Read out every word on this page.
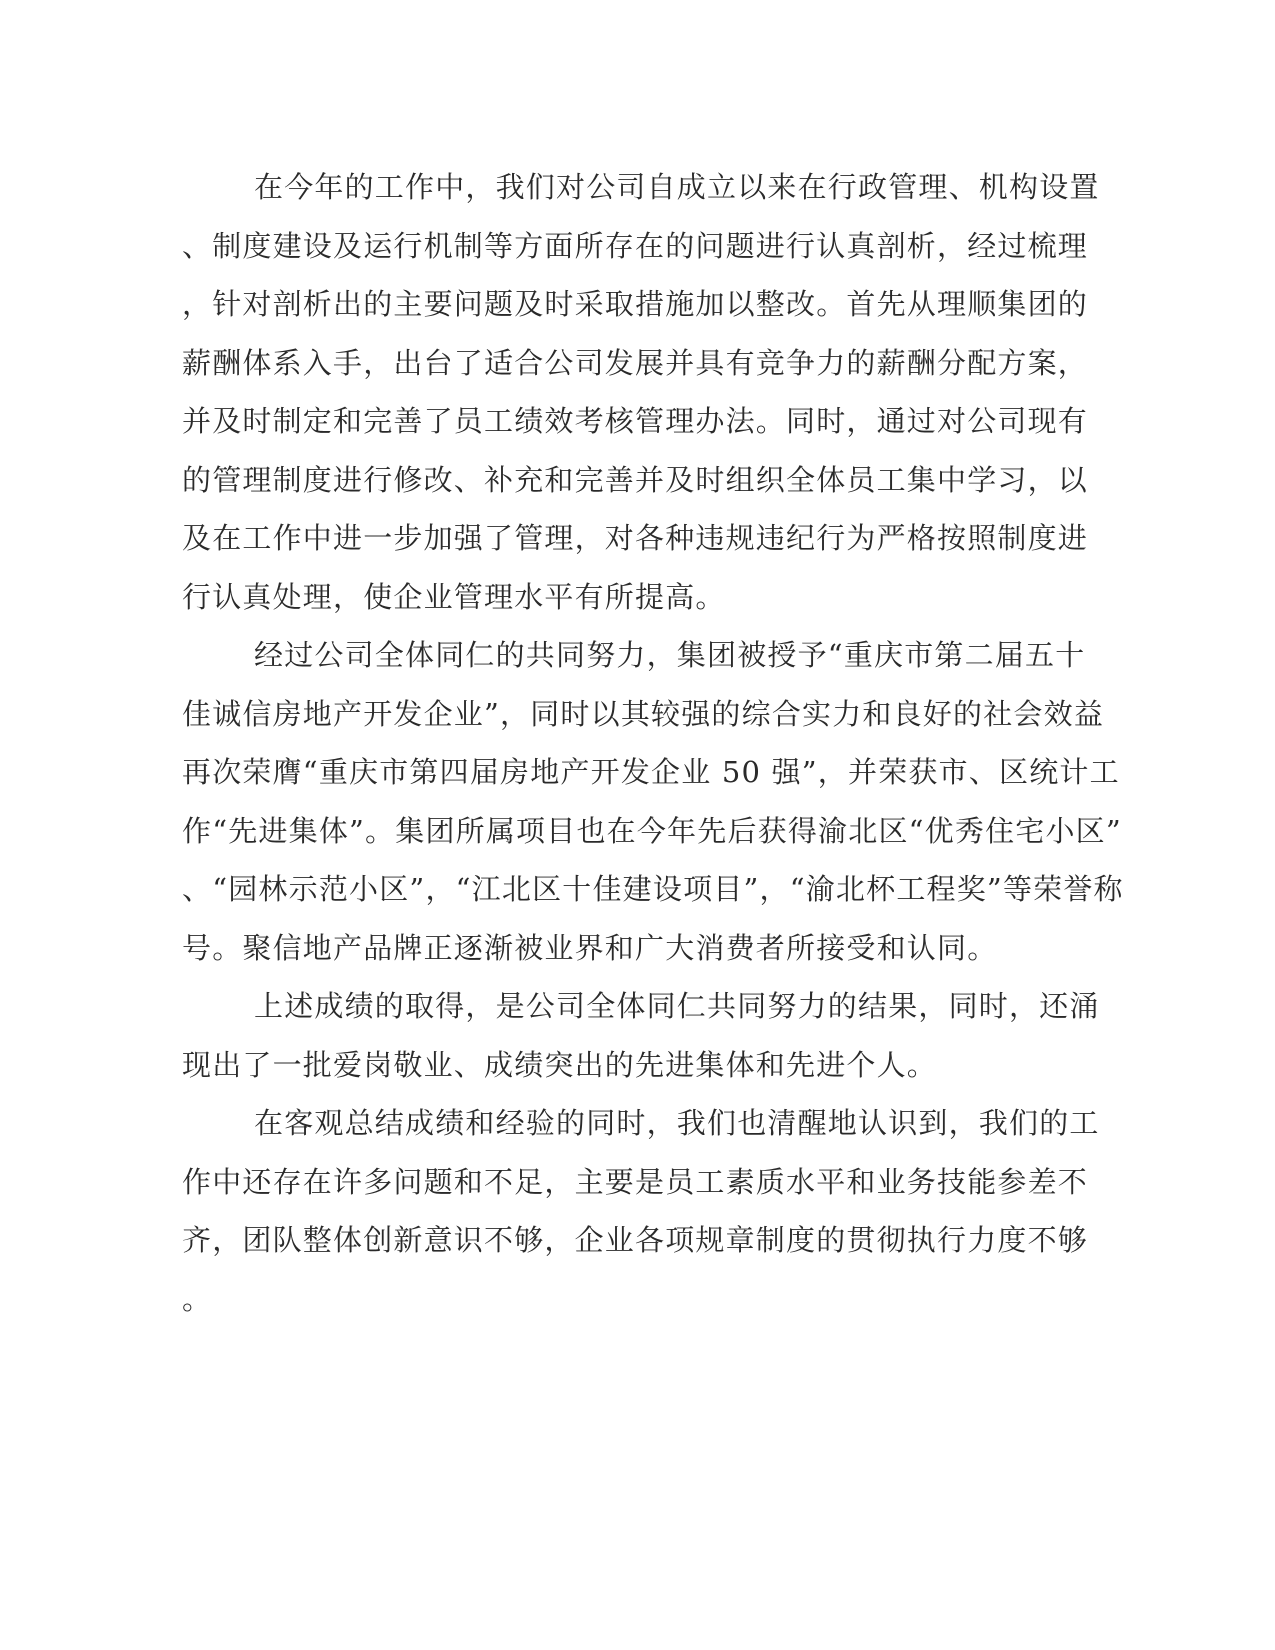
在今年的工作中，我们对公司自成立以来在行政管理、机构设置
、制度建设及运行机制等方面所存在的问题进行认真剖析，经过梳理
，针对剖析出的主要问题及时采取措施加以整改。首先从理顺集团的
薪酬体系入手，出台了适合公司发展并具有竞争力的薪酬分配方案，
并及时制定和完善了员工绩效考核管理办法。同时，通过对公司现有
的管理制度进行修改、补充和完善并及时组织全体员工集中学习，以
及在工作中进一步加强了管理，对各种违规违纪行为严格按照制度进
行认真处理，使企业管理水平有所提高。
经过公司全体同仁的共同努力，集团被授予“重庆市第二届五十
佳诚信房地产开发企业”，同时以其较强的综合实力和良好的社会效益
再次荣膺“重庆市第四届房地产开发企业 50 强”，并荣获市、区统计工
作“先进集体”。集团所属项目也在今年先后获得渝北区“优秀住宅小区”
、“园林示范小区”，“江北区十佳建设项目”，“渝北杯工程奖”等荣誉称
号。聚信地产品牌正逐渐被业界和广大消费者所接受和认同。
上述成绩的取得，是公司全体同仁共同努力的结果，同时，还涌
现出了一批爱岗敬业、成绩突出的先进集体和先进个人。
在客观总结成绩和经验的同时，我们也清醒地认识到，我们的工
作中还存在许多问题和不足，主要是员工素质水平和业务技能参差不
齐，团队整体创新意识不够，企业各项规章制度的贯彻执行力度不够
。
